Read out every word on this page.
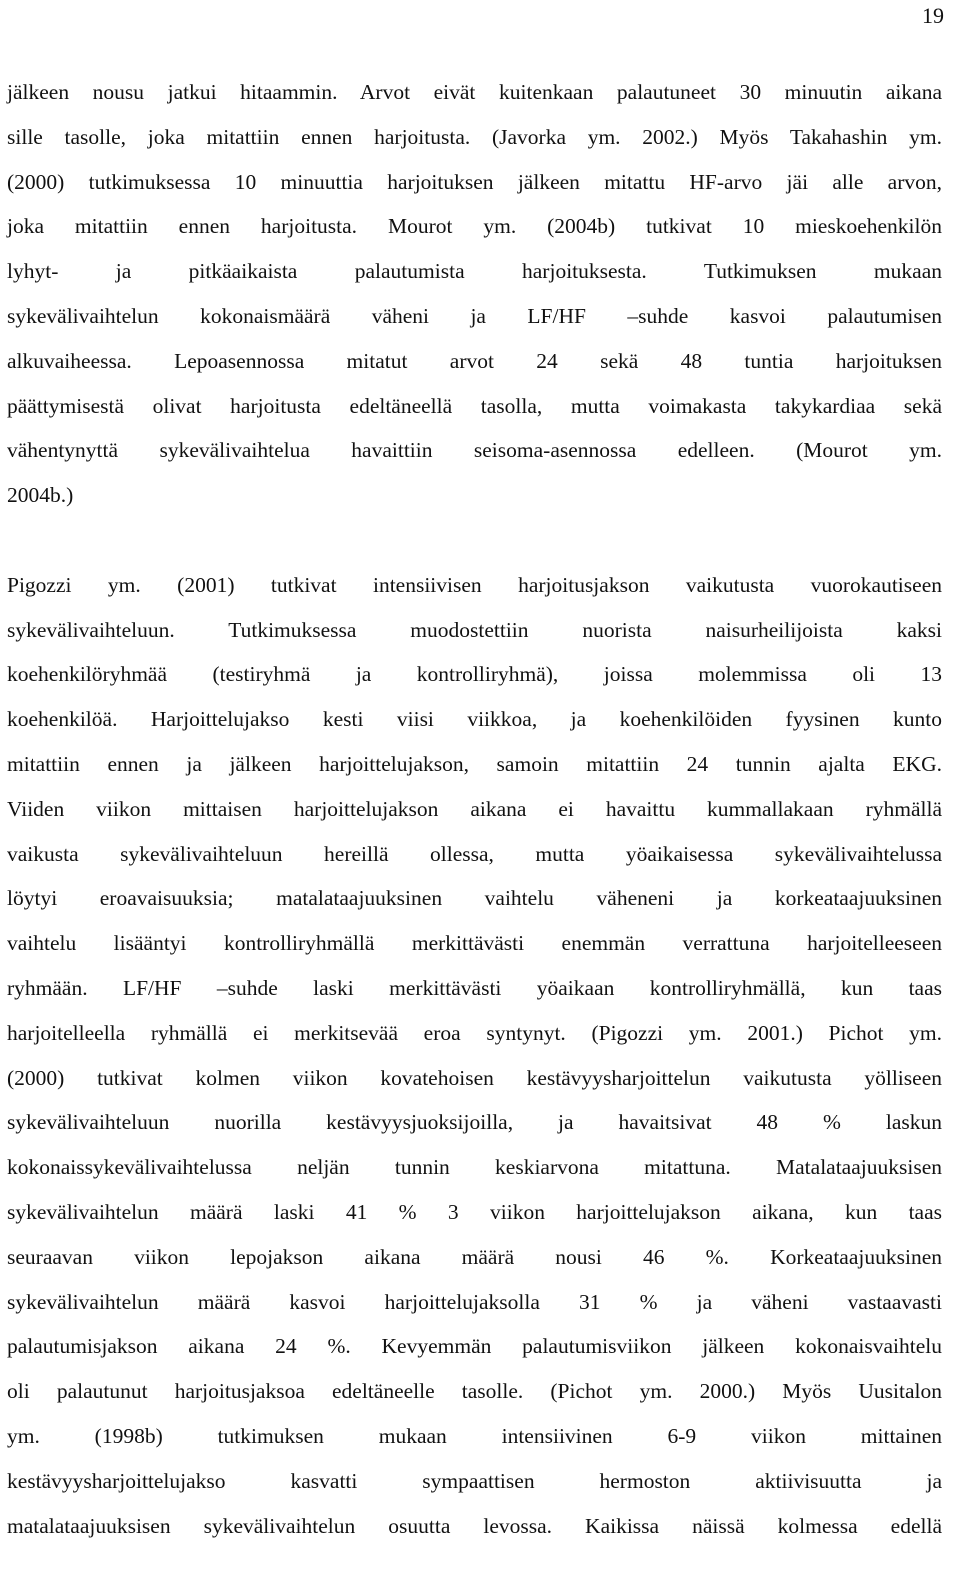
19
jälkeen nousu jatkui hitaammin. Arvot eivät kuitenkaan palautuneet 30 minuutin aikana
sille tasolle, joka mitattiin ennen harjoitusta. (Javorka ym. 2002.) Myös Takahashin ym.
(2000) tutkimuksessa 10 minuuttia harjoituksen jälkeen mitattu HF-arvo jäi alle arvon,
joka mitattiin ennen harjoitusta. Mourot ym. (2004b) tutkivat 10 mieskoehenkilön
lyhyt- ja pitkäaikaista palautumista harjoituksesta. Tutkimuksen mukaan
sykevälivaihtelun kokonaismäärä väheni ja LF/HF –suhde kasvoi palautumisen
alkuvaiheessa. Lepoasennossa mitatut arvot 24 sekä 48 tuntia harjoituksen
päättymisestä olivat harjoitusta edeltäneellä tasolla, mutta voimakasta takykardiaa sekä
vähentynyttä sykevälivaihtelua havaittiin seisoma-asennossa edelleen. (Mourot ym.
2004b.)
Pigozzi ym. (2001) tutkivat intensiivisen harjoitusjakson vaikutusta vuorokautiseen
sykevälivaihteluun. Tutkimuksessa muodostettiin nuorista naisurheilijoista kaksi
koehenkilöryhmää (testiryhmä ja kontrolliryhmä), joissa molemmissa oli 13
koehenkilöä. Harjoittelujakso kesti viisi viikkoa, ja koehenkilöiden fyysinen kunto
mitattiin ennen ja jälkeen harjoittelujakson, samoin mitattiin 24 tunnin ajalta EKG.
Viiden viikon mittaisen harjoittelujakson aikana ei havaittu kummallakaan ryhmällä
vaikusta sykevälivaihteluun hereillä ollessa, mutta yöaikaisessa sykevälivaihtelussa
löytyi eroavaisuuksia; matalataajuuksinen vaihtelu väheneni ja korkeataajuuksinen
vaihtelu lisääntyi kontrolliryhmällä merkittävästi enemmän verrattuna harjoitelleeseen
ryhmään. LF/HF –suhde laski merkittävästi yöaikaan kontrolliryhmällä, kun taas
harjoitelleella ryhmällä ei merkitsevää eroa syntynyt. (Pigozzi ym. 2001.) Pichot ym.
(2000) tutkivat kolmen viikon kovatehoisen kestävyysharjoittelun vaikutusta yölliseen
sykevälivaihteluun nuorilla kestävyysjuoksijoilla, ja havaitsivat 48 % laskun
kokonaissykevälivaihtelussa neljän tunnin keskiarvona mitattuna. Matalataajuuksisen
sykevälivaihtelun määrä laski 41 % 3 viikon harjoittelujakson aikana, kun taas
seuraavan viikon lepojakson aikana määrä nousi 46 %. Korkeataajuuksinen
sykevälivaihtelun määrä kasvoi harjoittelujaksolla 31 % ja väheni vastaavasti
palautumisjakson aikana 24 %. Kevyemmän palautumisviikon jälkeen kokonaisvaihtelu
oli palautunut harjoitusjaksoa edeltäneelle tasolle. (Pichot ym. 2000.) Myös Uusitalon
ym. (1998b) tutkimuksen mukaan intensiivinen 6-9 viikon mittainen
kestävyysharjoittelujakso kasvatti sympaattisen hermoston aktiivisuutta ja
matalataajuuksisen sykevälivaihtelun osuutta levossa. Kaikissa näissä kolmessa edellä
